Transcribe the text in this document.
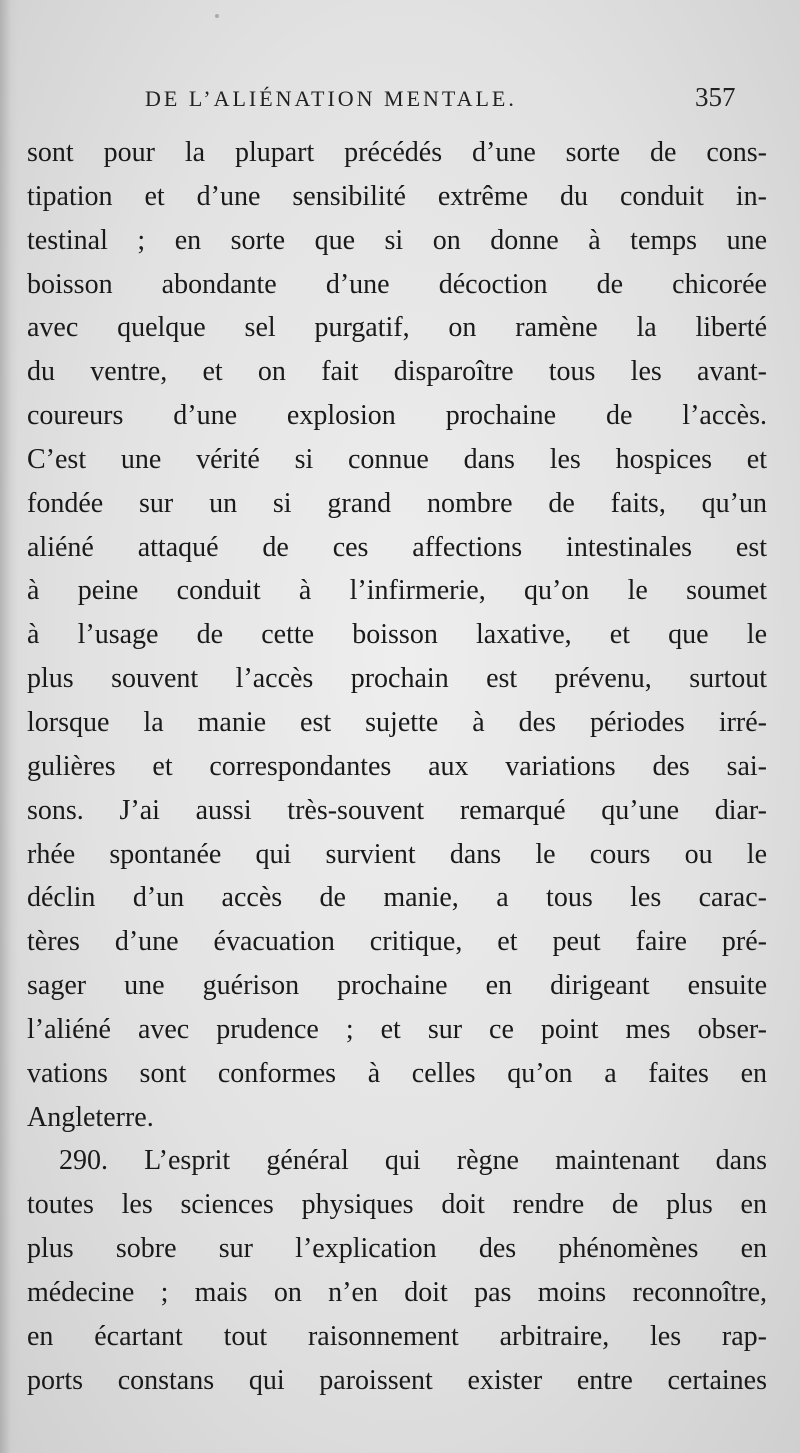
DE L’ALIÉNATION MENTALE.	357
sont pour la plupart précédés d’une sorte de cons-
tipation et d’une sensibilité extrême du conduit in-
testinal ; en sorte que si on donne à temps une
boisson abondante d’une décoction de chicorée
avec quelque sel purgatif, on ramène la liberté
du ventre, et on fait disparoître tous les avant-
coureurs d’une explosion prochaine de l’accès.
C’est une vérité si connue dans les hospices et
fondée sur un si grand nombre de faits, qu’un
aliéné attaqué de ces affections intestinales est
à peine conduit à l’infirmerie, qu’on le soumet
à l’usage de cette boisson laxative, et que le
plus souvent l’accès prochain est prévenu, surtout
lorsque la manie est sujette à des périodes irré-
gulières et correspondantes aux variations des sai-
sons. J’ai aussi très-souvent remarqué qu’une diar-
rhée spontanée qui survient dans le cours ou le
déclin d’un accès de manie, a tous les carac-
tères d’une évacuation critique, et peut faire pré-
sager une guérison prochaine en dirigeant ensuite
l’aliéné avec prudence ; et sur ce point mes obser-
vations sont conformes à celles qu’on a faites en
Angleterre.
290. L’esprit général qui règne maintenant dans
toutes les sciences physiques doit rendre de plus en
plus sobre sur l’explication des phénomènes en
médecine ; mais on n’en doit pas moins reconnoître,
en écartant tout raisonnement arbitraire, les rap-
ports constans qui paroissent exister entre certaines
